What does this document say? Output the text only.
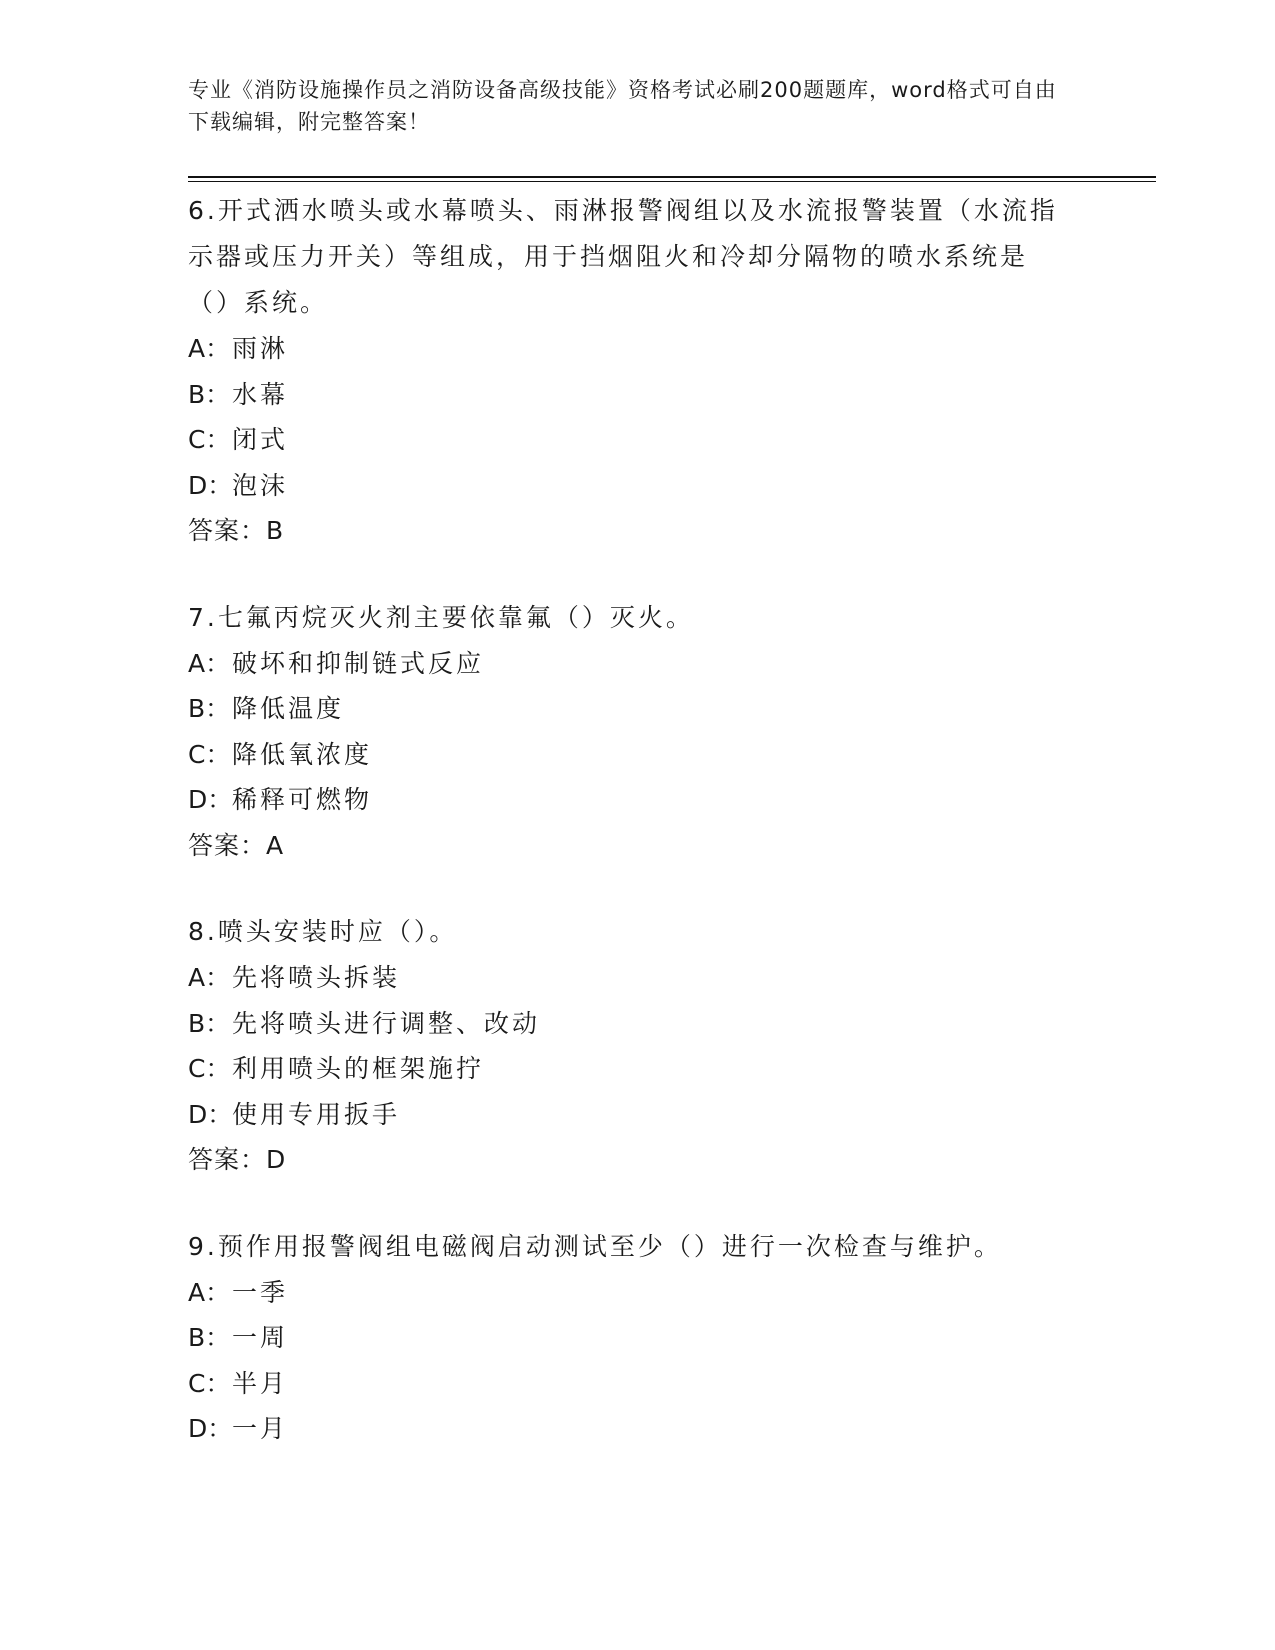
专业《消防设施操作员之消防设备高级技能》资格考试必刷200题题库，word格式可自由下载编辑，附完整答案！

6.开式洒水喷头或水幕喷头、雨淋报警阀组以及水流报警装置（水流指示器或压力开关）等组成，用于挡烟阻火和冷却分隔物的喷水系统是（）系统。

A：雨淋

B：水幕

C：闭式

D：泡沫

答案：B

7.七氟丙烷灭火剂主要依靠氟（）灭火。

A：破坏和抑制链式反应

B：降低温度

C：降低氧浓度

D：稀释可燃物

答案：A

8.喷头安装时应（）。

A：先将喷头拆装

B：先将喷头进行调整、改动

C：利用喷头的框架施拧

D：使用专用扳手

答案：D

9.预作用报警阀组电磁阀启动测试至少（）进行一次检查与维护。

A：一季

B：一周

C：半月

D：一月
